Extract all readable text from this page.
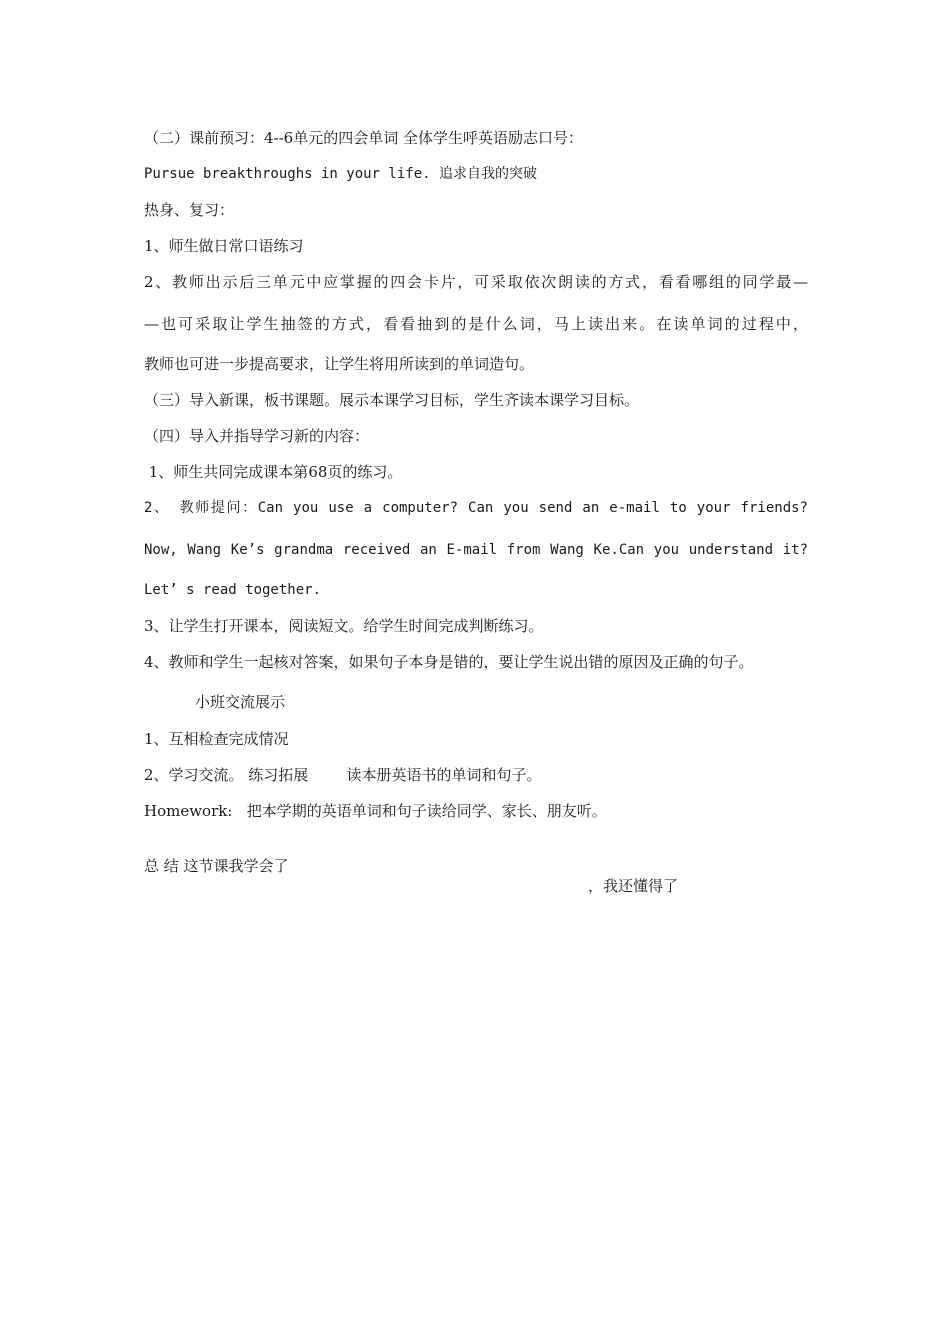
（二）课前预习：4--6单元的四会单词 全体学生呼英语励志口号：
Pursue breakthroughs in your life. 追求自我的突破
热身、复习：
1、师生做日常口语练习
2、教师出示后三单元中应掌握的四会卡片，可采取依次朗读的方式，看看哪组的同学最—
—也可采取让学生抽签的方式，看看抽到的是什么词，马上读出来。在读单词的过程中，
教师也可进一步提高要求，让学生将用所读到的单词造句。
（三）导入新课，板书课题。展示本课学习目标，学生齐读本课学习目标。
（四）导入并指导学习新的内容：
1、师生共同完成课本第68页的练习。
2、 教师提问：Can you use a computer? Can you send an e-mail to your friends?
Now, Wang Ke’s grandma received an E-mail from Wang Ke.Can you understand it?
Let’ s read together.
3、让学生打开课本，阅读短文。给学生时间完成判断练习。
4、教师和学生一起核对答案，如果句子本身是错的，要让学生说出错的原因及正确的句子。
小班交流展示
1、互相检查完成情况
2、学习交流。 练习拓展        读本册英语书的单词和句子。
Homework:   把本学期的英语单词和句子读给同学、家长、朋友听。

总 结 这节课我学会了

，我还懂得了
